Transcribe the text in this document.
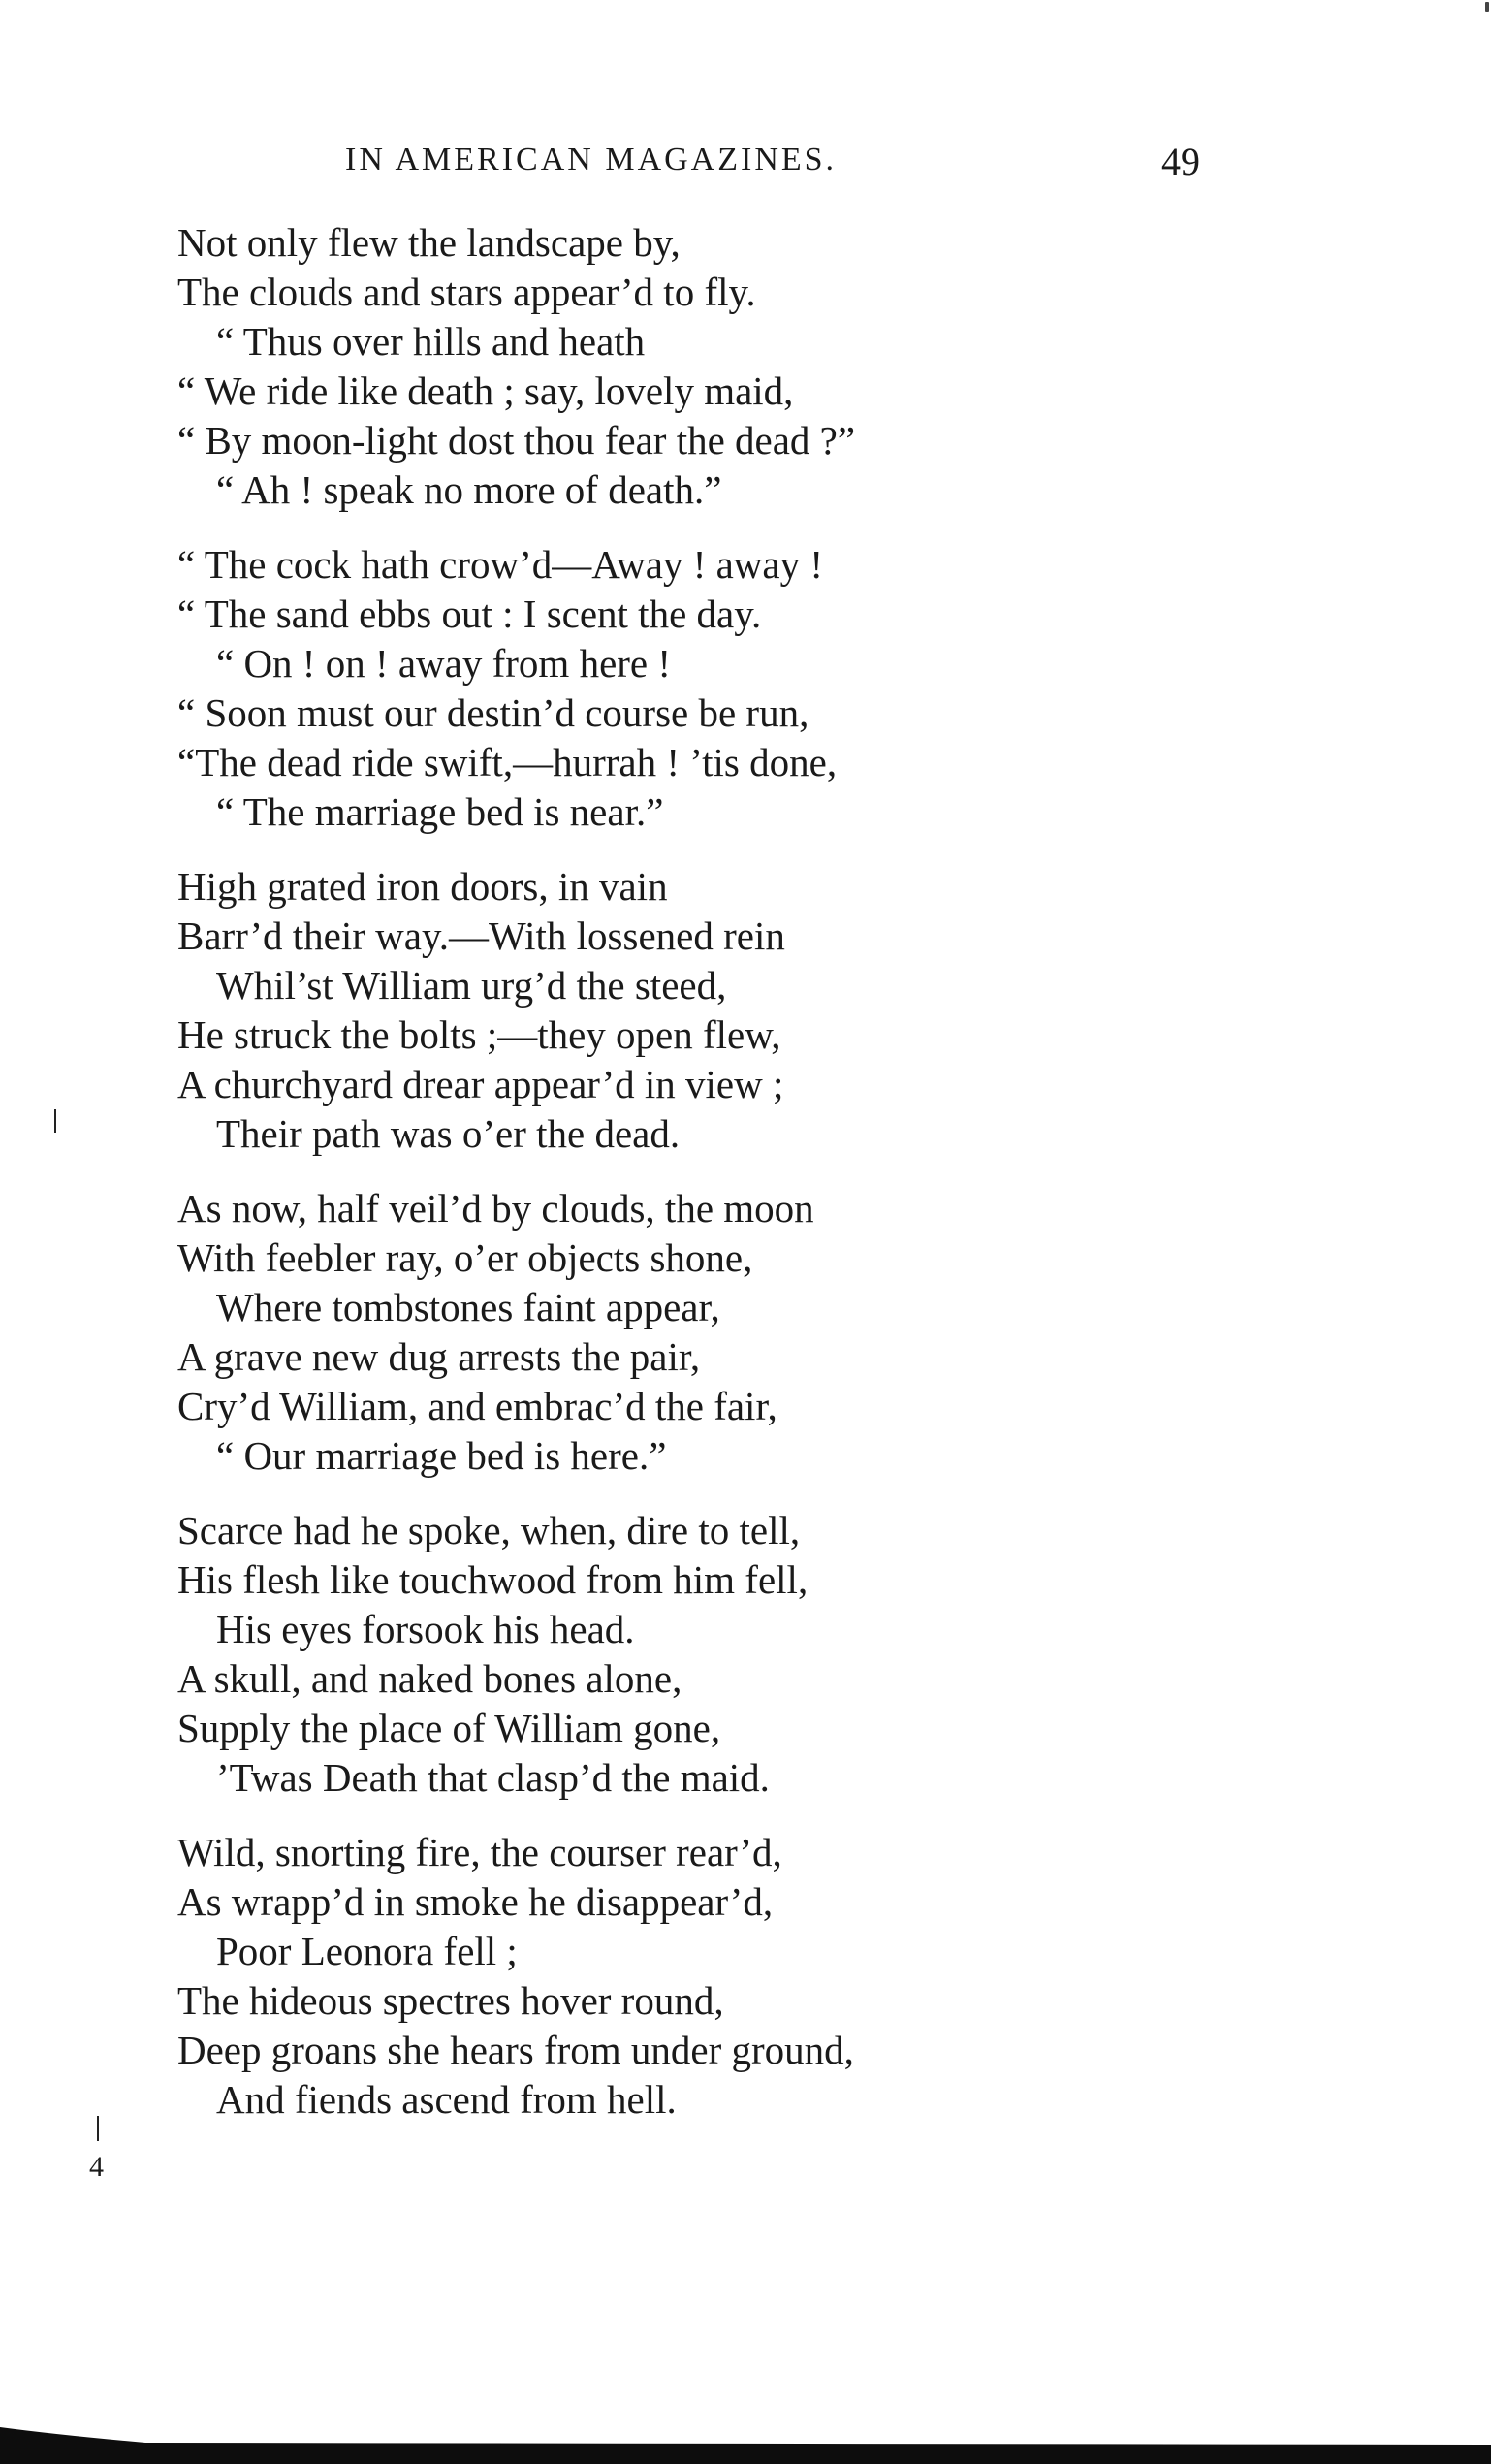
IN AMERICAN MAGAZINES.	49
Not only flew the landscape by,
The clouds and stars appear’d to fly.
“ Thus over hills and heath
“ We ride like death ; say, lovely maid,
“ By moon-light dost thou fear the dead ?”
“ Ah ! speak no more of death.”
“ The cock hath crow’d—Away ! away !
“ The sand ebbs out : I scent the day.
“ On ! on ! away from here !
“ Soon must our destin’d course be run,
“The dead ride swift,—hurrah ! ’tis done,
“ The marriage bed is near.”
High grated iron doors, in vain
Barr’d their way.—With lossened rein
Whil’st William urg’d the steed,
He struck the bolts ;—they open flew,
A churchyard drear appear’d in view ;
Their path was o’er the dead.
As now, half veil’d by clouds, the moon
With feebler ray, o’er objects shone,
Where tombstones faint appear,
A grave new dug arrests the pair,
Cry’d William, and embrac’d the fair,
“ Our marriage bed is here.”
Scarce had he spoke, when, dire to tell,
His flesh like touchwood from him fell,
His eyes forsook his head.
A skull, and naked bones alone,
Supply the place of William gone,
’Twas Death that clasp’d the maid.
Wild, snorting fire, the courser rear’d,
As wrapp’d in smoke he disappear’d,
Poor Leonora fell ;
The hideous spectres hover round,
Deep groans she hears from under ground,
And fiends ascend from hell.
4
